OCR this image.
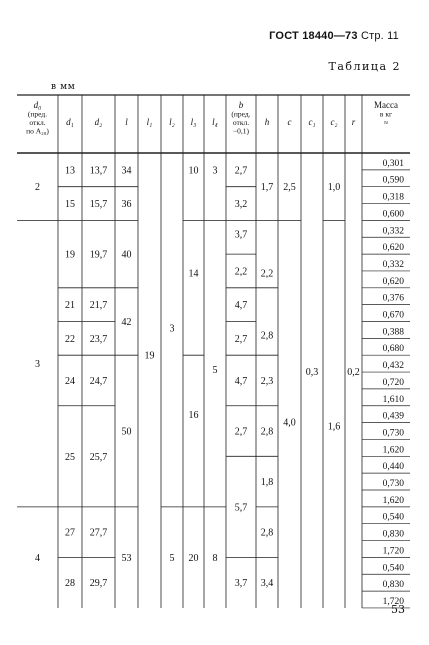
ГОСТ 18440—73 Стр. 11
Таблица 2
в мм
d₀
(пред.
откл.
по A₂₈)
d₁ d₂	l l₁ l₂ l₃ l₄
b
(пред.
откл.
−0,1)
h c c₁ c₂ r
Масса
в кг
≈
0,301
0,590
0,318
0,600
0,332
0,620
0,332
0,620
0,376
0,670
0,388
0,680
0,432
0,720
1,610
0,439
0,730
1,620
0,440
0,730
1,620
0,540
0,830
1,720
0,540
0,830
1,720
2
3
4
13
15
19
21
22
24
25
27
28
13,7
15,7
19,7
21,7
23,7
24,7
25,7
27,7
29,7
34
36
40
42
50
53
19
3
5
10
14
16
20
3
5
8
2,7
3,2
3,7
2,2
4,7
2,7
4,7
2,7
5,7
3,7
1,7
2,2
2,8
2,3
2,8
1,8
2,8
3,4
2,5
4,0
0,3
1,0
1,6
0,2
53
